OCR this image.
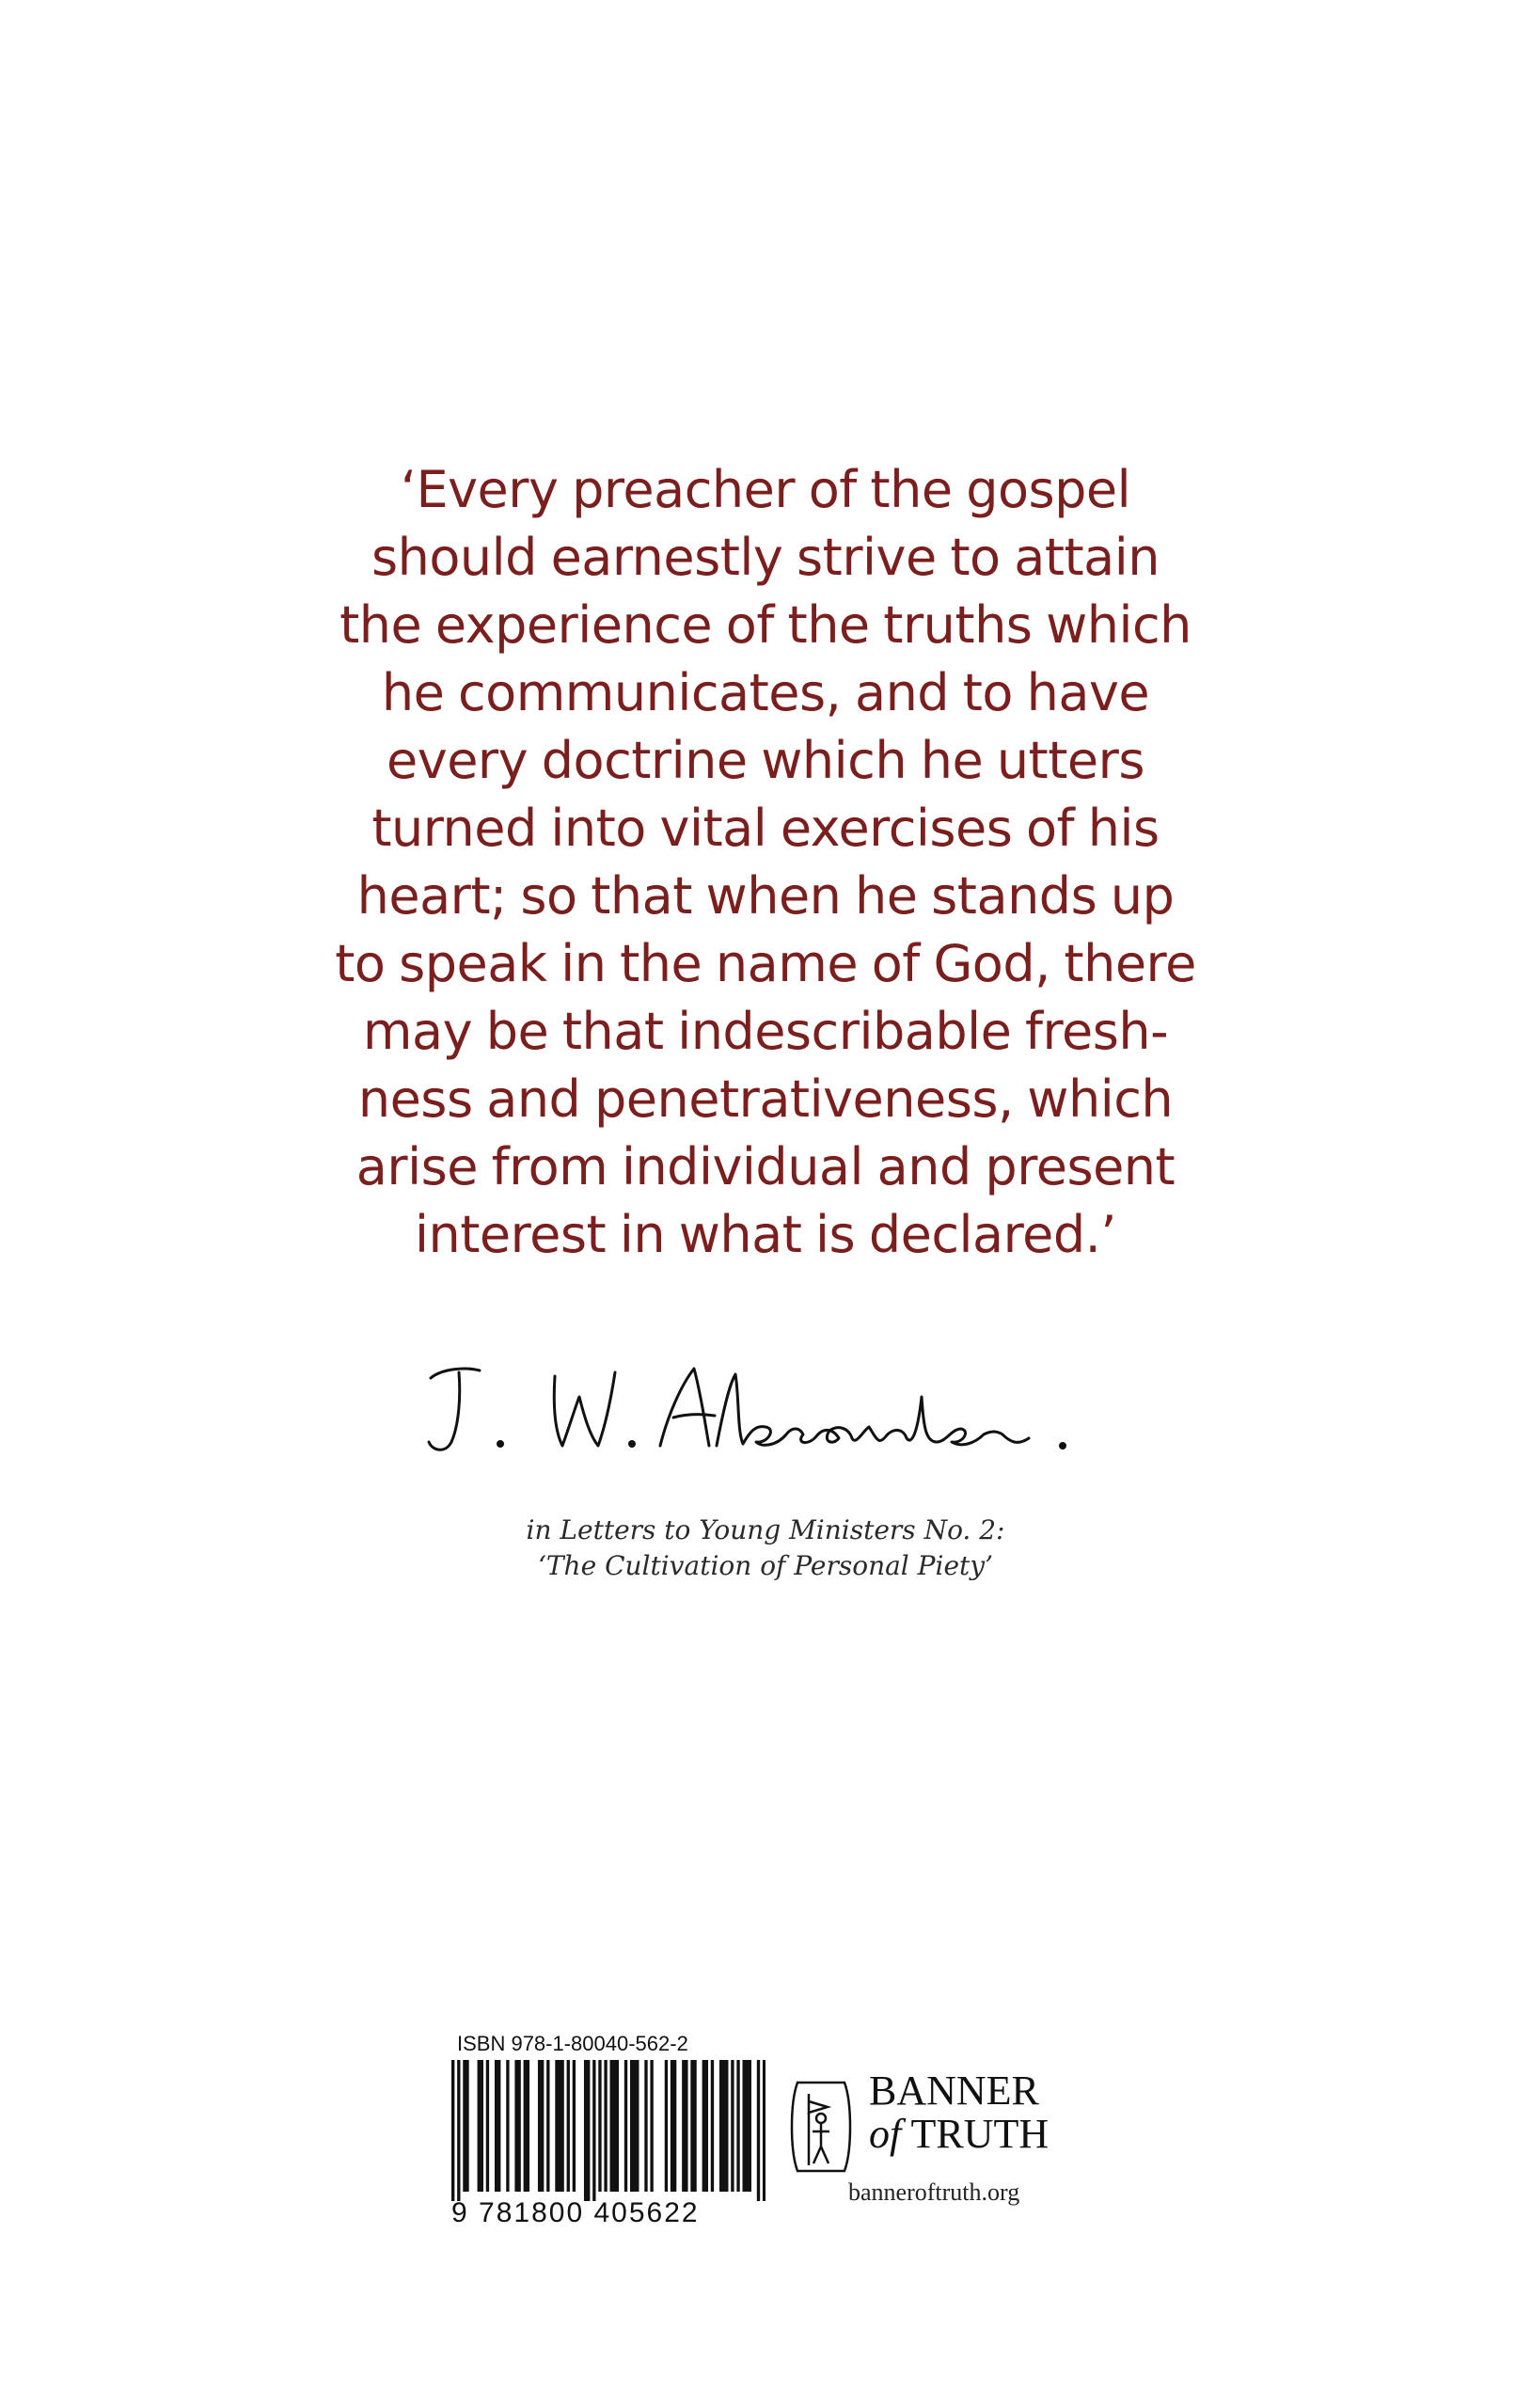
‘Every preacher of the gospel
should earnestly strive to attain
the experience of the truths which
he communicates, and to have
every doctrine which he utters
turned into vital exercises of his
heart; so that when he stands up
to speak in the name of God, there
may be that indescribable fresh-
ness and penetrativeness, which
arise from individual and present
interest in what is declared.’
J. W. Alexander
in Letters to Young Ministers No. 2:
‘The Cultivation of Personal Piety’
ISBN 978-1-80040-562-2
9 781800 405622
BANNER
of TRUTH
banneroftruth.org
